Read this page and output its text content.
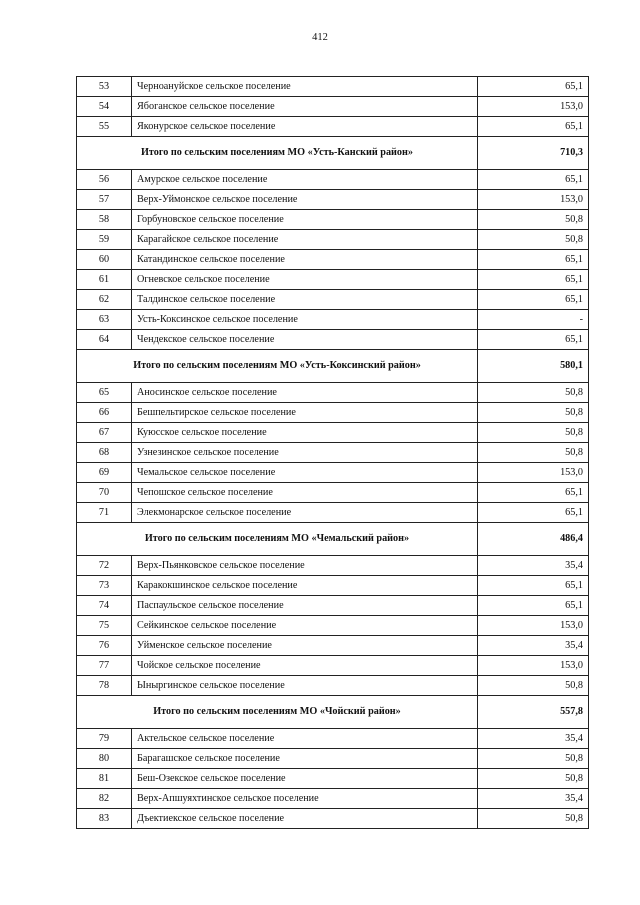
412
53	Черноануйское сельское поселение	65,1
54	Ябоганское сельское поселение	153,0
55	Яконурское сельское поселение	65,1
Итого по сельским поселениям МО «Усть-Канский район»		710,3
56	Амурское сельское поселение	65,1
57	Верх-Уймонское сельское поселение	153,0
58	Горбуновское сельское поселение	50,8
59	Карагайское сельское поселение	50,8
60	Катандинское сельское поселение	65,1
61	Огневское сельское поселение	65,1
62	Талдинское сельское поселение	65,1
63	Усть-Коксинское сельское поселение	-
64	Чендекское сельское поселение	65,1
Итого по сельским поселениям МО «Усть-Коксинский район»		580,1
65	Аносинское сельское поселение	50,8
66	Бешпельтирское сельское поселение	50,8
67	Куюсское сельское поселение	50,8
68	Узнезинское сельское поселение	50,8
69	Чемальское сельское поселение	153,0
70	Чепошское сельское поселение	65,1
71	Элекмонарское сельское поселение	65,1
Итого по сельским поселениям МО «Чемальский район»		486,4
72	Верх-Пьянковское сельское поселение	35,4
73	Каракокшинское сельское поселение	65,1
74	Паспаульское сельское поселение	65,1
75	Сейкинское сельское поселение	153,0
76	Уйменское сельское поселение	35,4
77	Чойское сельское поселение	153,0
78	Ыныргинское сельское поселение	50,8
Итого по сельским поселениям МО «Чойский район»		557,8
79	Актельское сельское поселение	35,4
80	Барагашское сельское поселение	50,8
81	Беш-Озекское сельское поселение	50,8
82	Верх-Апшуяхтинское сельское поселение	35,4
83	Дъектиекское сельское поселение	50,8
